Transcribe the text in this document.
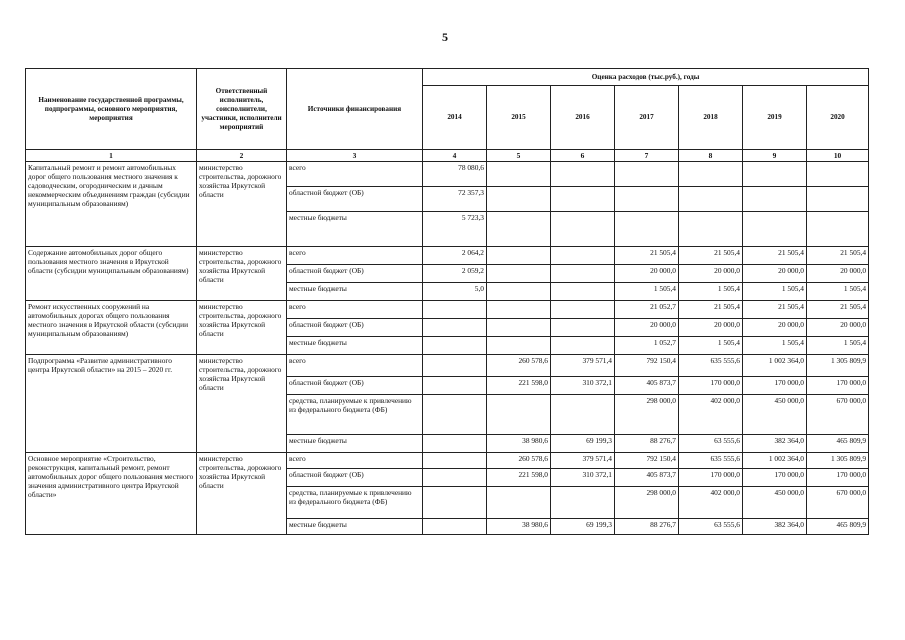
5
Наименование государственной программы, подпрограммы, основного мероприятия, мероприятия	Ответственный исполнитель, соисполнители, участники, исполнители мероприятий	Источники финансирования	Оценка расходов (тыс.руб.), годы						
			2014	2015	2016	2017	2018	2019	2020
1	2	3	4	5	6	7	8	9	10
Капитальный ремонт и ремонт автомобильных дорог общего пользования местного значения к садоводческим, огородническим и дачным некоммерческим объединениям граждан (субсидии муниципальным образованиям)	министерство строительства, дорожного хозяйства Иркутской области	всего	78 080,6						
		областной бюджет (ОБ)	72 357,3						
		местные бюджеты	5 723,3						
Содержание автомобильных дорог общего пользования местного значения в Иркутской области (субсидии муниципальным образованиям)	министерство строительства, дорожного хозяйства Иркутской области	всего	2 064,2			21 505,4	21 505,4	21 505,4	21 505,4
		областной бюджет (ОБ)	2 059,2			20 000,0	20 000,0	20 000,0	20 000,0
		местные бюджеты	5,0			1 505,4	1 505,4	1 505,4	1 505,4
Ремонт искусственных сооружений на автомобильных дорогах общего пользования местного значения в Иркутской области (субсидии муниципальным образованиям)	министерство строительства, дорожного хозяйства Иркутской области	всего				21 052,7	21 505,4	21 505,4	21 505,4
		областной бюджет (ОБ)				20 000,0	20 000,0	20 000,0	20 000,0
		местные бюджеты				1 052,7	1 505,4	1 505,4	1 505,4
Подпрограмма «Развитие административного центра Иркутской области» на 2015 – 2020 гг.	министерство строительства, дорожного хозяйства Иркутской области	всего		260 578,6	379 571,4	792 150,4	635 555,6	1 002 364,0	1 305 809,9
		областной бюджет (ОБ)		221 598,0	310 372,1	405 873,7	170 000,0	170 000,0	170 000,0
		средства, планируемые к привлечению из федерального бюджета (ФБ)				298 000,0	402 000,0	450 000,0	670 000,0
		местные бюджеты		38 980,6	69 199,3	88 276,7	63 555,6	382 364,0	465 809,9
Основное мероприятие «Строительство, реконструкция, капитальный ремонт, ремонт автомобильных дорог общего пользования местного значения административного центра Иркутской области»	министерство строительства, дорожного хозяйства Иркутской области	всего		260 578,6	379 571,4	792 150,4	635 555,6	1 002 364,0	1 305 809,9
		областной бюджет (ОБ)		221 598,0	310 372,1	405 873,7	170 000,0	170 000,0	170 000,0
		средства, планируемые к привлечению из федерального бюджета (ФБ)				298 000,0	402 000,0	450 000,0	670 000,0
		местные бюджеты		38 980,6	69 199,3	88 276,7	63 555,6	382 364,0	465 809,9
